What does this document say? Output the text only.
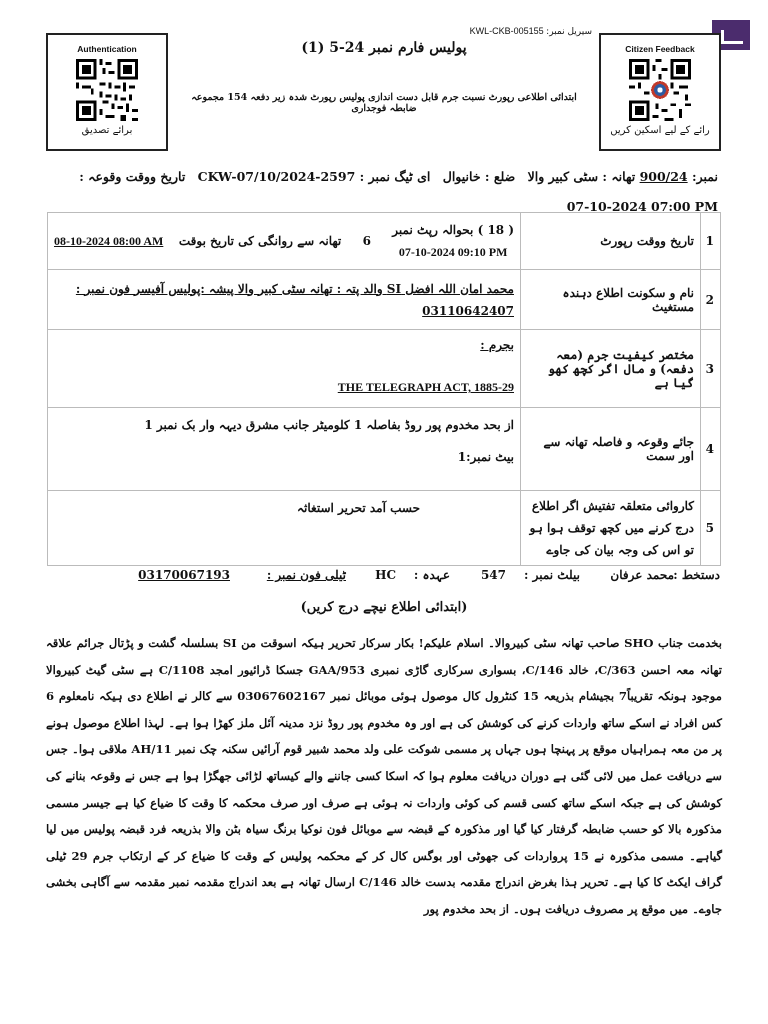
سیریل نمبر: KWL-CKB-005155
Authentication
برائے تصدیق
Citizen Feedback
رائے کے لیے اسکین کریں
پولیس فارم نمبر 24-5 (1)
ابتدائی اطلاعی رپورٹ نسبت جرم قابل دست اندازی پولیس رپورٹ شدہ زیر دفعہ 154 مجموعہ ضابطہ فوجداری
نمبر: 900/24 تھانہ : سٹی کبیر والا ضلع : خانیوال ای ٹیگ نمبر : CKW-07/10/2024-2597 تاریخ ووقت وقوعہ : 07-10-2024 07:00 PM
1	تاریخ ووقت رپورٹ	( 18 ) بحوالہ رپٹ نمبر
07-10-2024 09:10 PM
6
تھانہ سے روانگی کی تاریخ بوقت
08-10-2024 08:00 AM

2	نام و سکونت اطلاع دہندہ مستغیث	محمد امان اللہ افضل SI والد پتہ : تھانہ سٹی کبیر والا پیشہ :پولیس آفیسر فون نمبر : 03110642407
3	مختصر کیفیت جرم (معہ دفعہ) و مال اگر کچھ کھو گیا ہے	بجرم :
THE TELEGRAPH ACT, 1885-29

4	جائے وقوعہ و فاصلہ تھانہ سے اور سمت	از بحد مخدوم پور روڈ بفاصلہ 1 کلومیٹر جانب مشرق دیہہ وار بک نمبر 1
بیٹ نمبر:1

5	کاروائی متعلقہ تفتیش اگر اطلاع درج کرنے میں کچھ توقف ہوا ہو تو اس کی وجہ بیان کی جاوے	حسب آمد تحریر استغاثہ
دستخط :
محمد عرفان
بیلٹ نمبر :
547
عہدہ :
HC
ٹیلی فون نمبر :
03170067193
(ابتدائی اطلاع نیچے درج کریں)
بخدمت جناب SHO صاحب تھانہ سٹی کبیروالا۔ اسلام علیکم! بکار سرکار تحریر ہیکہ اسوقت من SI بسلسلہ گشت و پڑتال جرائم علاقہ تھانہ معہ احسن C/363، خالد C/146، بسواری سرکاری گاڑی نمبری GAA/953 جسکا ڈرائیور امجد C/1108 ہے سٹی گیٹ کبیروالا موجود ہونکہ تقریباً7 بجیشام بذریعہ 15 کنٹرول کال موصول ہوئی موبائل نمبر 03067602167 سے کالر نے اطلاع دی ہیکہ نامعلوم 6 کس افراد نے اسکے ساتھ واردات کرنے کی کوشش کی ہے اور وہ مخدوم پور روڈ نزد مدینہ آئل ملز کھڑا ہوا ہے۔ لہذا اطلاع موصول ہونے پر من معہ ہمراہیاں موقع پر پہنچا ہوں جہاں پر مسمی شوکت علی ولد محمد شبیر قوم آرائیں سکنہ چک نمبر AH/11 ملاقی ہوا۔ جس سے دریافت عمل میں لائی گئی ہے دوران دریافت معلوم ہوا کہ اسکا کسی جاننے والے کیساتھ لڑائی جھگڑا ہوا ہے جس نے وقوعہ بنانے کی کوشش کی ہے جبکہ اسکے ساتھ کسی قسم کی کوئی واردات نہ ہوئی ہے صرف اور صرف محکمہ کا وقت کا ضیاع کیا ہے جیسر مسمی مذکورہ بالا کو حسب ضابطہ گرفتار کیا گیا اور مذکورہ کے قبضہ سے موبائل فون نوکیا برنگ سیاہ بٹن والا بذریعہ فرد قبضہ پولیس میں لیا گیاہے۔ مسمی مذکورہ نے 15 پرواردات کی جھوٹی اور بوگس کال کر کے محکمہ پولیس کے وقت کا ضیاع کر کے ارتکاب جرم 29 ٹیلی گراف ایکٹ کا کیا ہے۔ تحریر ہذا بغرض اندراج مقدمہ بدست خالد C/146 ارسال تھانہ ہے بعد اندراج مقدمہ نمبر مقدمہ سے آگاہی بخشی جاوے۔ میں موقع پر مصروف دریافت ہوں۔ از بحد مخدوم پور
